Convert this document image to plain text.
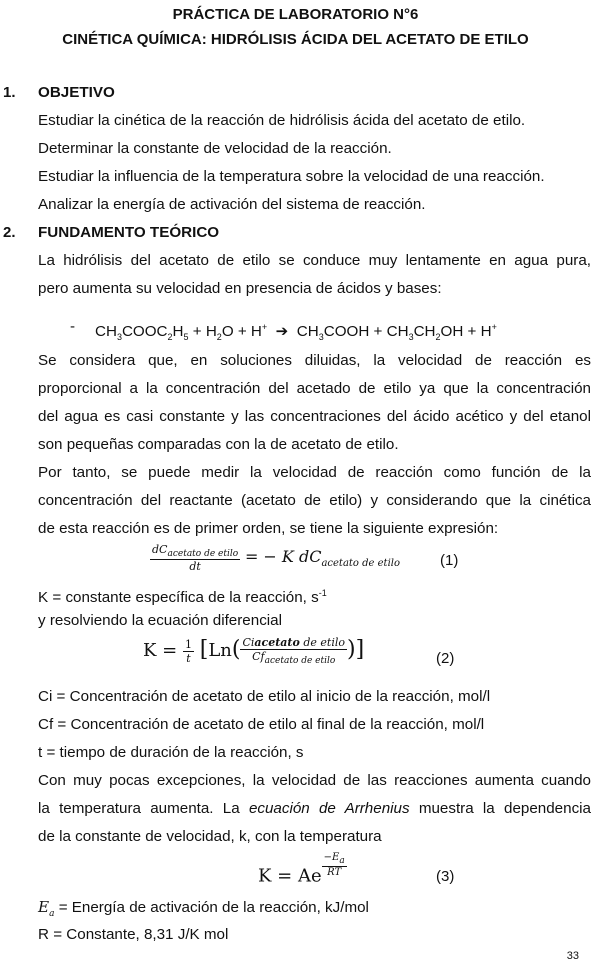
PRÁCTICA DE LABORATORIO N°6
CINÉTICA QUÍMICA: HIDRÓLISIS ÁCIDA DEL ACETATO DE ETILO
1. OBJETIVO
Estudiar la cinética de la reacción de hidrólisis ácida del acetato de etilo.
Determinar la constante de velocidad de la reacción.
Estudiar la influencia de la temperatura sobre la velocidad de una reacción.
Analizar la energía de activación del sistema de reacción.
2. FUNDAMENTO TEÓRICO
La hidrólisis del acetato de etilo se conduce muy lentamente en agua pura,
pero aumenta su velocidad en presencia de ácidos y bases:
- $CH_3COOC_2H_5 + H_2O + H^+$ ➔  $CH_3COOH + CH_3CH_2OH + H^+$
Se considera que, en soluciones diluidas, la velocidad de reacción es
proporcional a la concentración del acetado de etilo ya que la concentración
del agua es casi constante y las concentraciones del ácido acético y del etanol
son pequeñas comparadas con la de acetato de etilo.
Por tanto, se puede medir la velocidad de reacción como función de la
concentración del reactante (acetato de etilo) y considerando que la cinética
de esta reacción es de primer orden, se tiene la siguiente expresión:
$\frac{dC_{acetato de etilo}}{dt}$ = − K $dC_{acetato de etilo}$	(1)
K = constante específica de la reacción, $s^{-1}$
y resolviendo la ecuación diferencial
$K = \frac{1}{t} [Ln( \frac{\text{Ciacetato de etilo}}{Cf_{acetato de etilo}}$ )]	(2)
Ci = Concentración de acetato de etilo al inicio de la reacción, mol/l
Cf = Concentración de acetato de etilo al final de la reacción, mol/l
t = tiempo de duración de la reacción, s
Con muy pocas excepciones, la velocidad de las reacciones aumenta cuando
la temperatura aumenta. La ecuación de Arrhenius muestra la dependencia
de la constante de velocidad, k, con la temperatura
K = Ae $\frac{-E_a}{RT}$	(3)
$E_a$ = Energía de activación de la reacción, kJ/mol
R = Constante, 8,31 J/K mol
33
